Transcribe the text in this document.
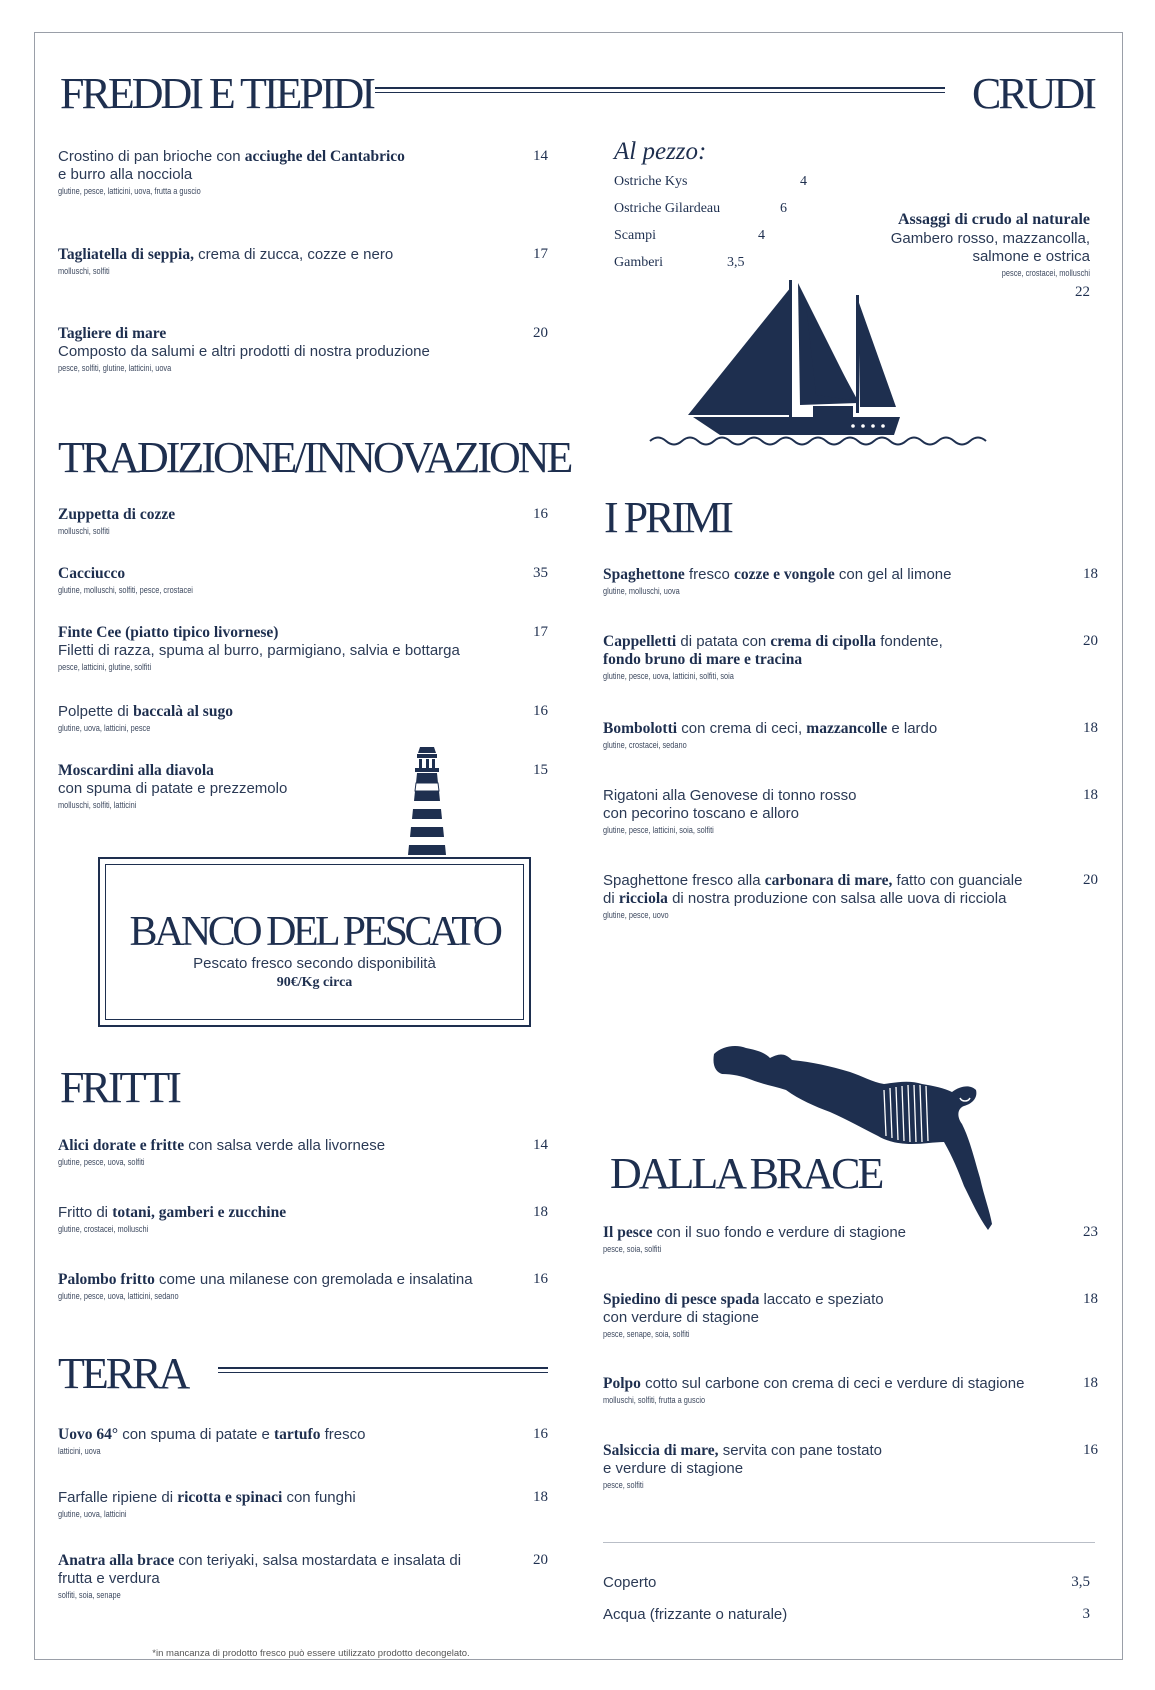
*in mancanza di prodotto fresco può essere utilizzato prodotto decongelato.
FREDDI E TIEPIDI	CRUDI
Crostino di pan brioche con acciughe del Cantabrico
e burro alla nocciola
glutine, pesce, latticini, uova, frutta a guscio
14
Tagliatella di seppia, crema di zucca, cozze e nero
molluschi, solfiti
17
Tagliere di mare
Composto da salumi e altri prodotti di nostra produzione
pesce, solfiti, glutine, latticini, uova
20
Al pezzo:
Ostriche Kys	4
Ostriche Gilardeau	6
Scampi	4
Gamberi	3,5
Assaggi di crudo al naturale
Gambero rosso, mazzancolla,
salmone e ostrica
pesce, crostacei, molluschi
22
TRADIZIONE/INNOVAZIONE
Zuppetta di cozze
molluschi, solfiti
16
Cacciucco
glutine, molluschi, solfiti, pesce, crostacei
35
Finte Cee (piatto tipico livornese)
Filetti di razza, spuma al burro, parmigiano, salvia e bottarga
pesce, latticini, glutine, solfiti
17
Polpette di baccalà al sugo
glutine, uova, latticini, pesce
16
Moscardini alla diavola
con spuma di patate e prezzemolo
molluschi, solfiti, latticini
15
BANCO DEL PESCATO
Pescato fresco secondo disponibilità
90€/Kg circa
I PRIMI
Spaghettone fresco cozze e vongole con gel al limone
glutine, molluschi, uova
18
Cappelletti di patata con crema di cipolla fondente,
fondo bruno di mare e tracina
glutine, pesce, uova, latticini, solfiti, soia
20
Bombolotti con crema di ceci, mazzancolle e lardo
glutine, crostacei, sedano
18
Rigatoni alla Genovese di tonno rosso
con pecorino toscano e alloro
glutine, pesce, latticini, soia, solfiti
18
Spaghettone fresco alla carbonara di mare, fatto con guanciale
di ricciola di nostra produzione con salsa alle uova di ricciola
glutine, pesce, uovo
20
FRITTI
Alici dorate e fritte con salsa verde alla livornese
glutine, pesce, uova, solfiti
14
Fritto di totani, gamberi e zucchine
glutine, crostacei, molluschi
18
Palombo fritto come una milanese con gremolada e insalatina
glutine, pesce, uova, latticini, sedano
16
TERRA
Uovo 64° con spuma di patate e tartufo fresco
latticini, uova
16
Farfalle ripiene di ricotta e spinaci con funghi
glutine, uova, latticini
18
Anatra alla brace con teriyaki, salsa mostardata e insalata di
frutta e verdura
solfiti, soia, senape
20
DALLA BRACE
Il pesce con il suo fondo e verdure di stagione
pesce, soia, solfiti
23
Spiedino di pesce spada laccato e speziato
con verdure di stagione
pesce, senape, soia, solfiti
18
Polpo cotto sul carbone con crema di ceci e verdure di stagione
molluschi, solfiti, frutta a guscio
18
Salsiccia di mare, servita con pane tostato
e verdure di stagione
pesce, solfiti
16
Coperto	3,5
Acqua (frizzante o naturale)	3
